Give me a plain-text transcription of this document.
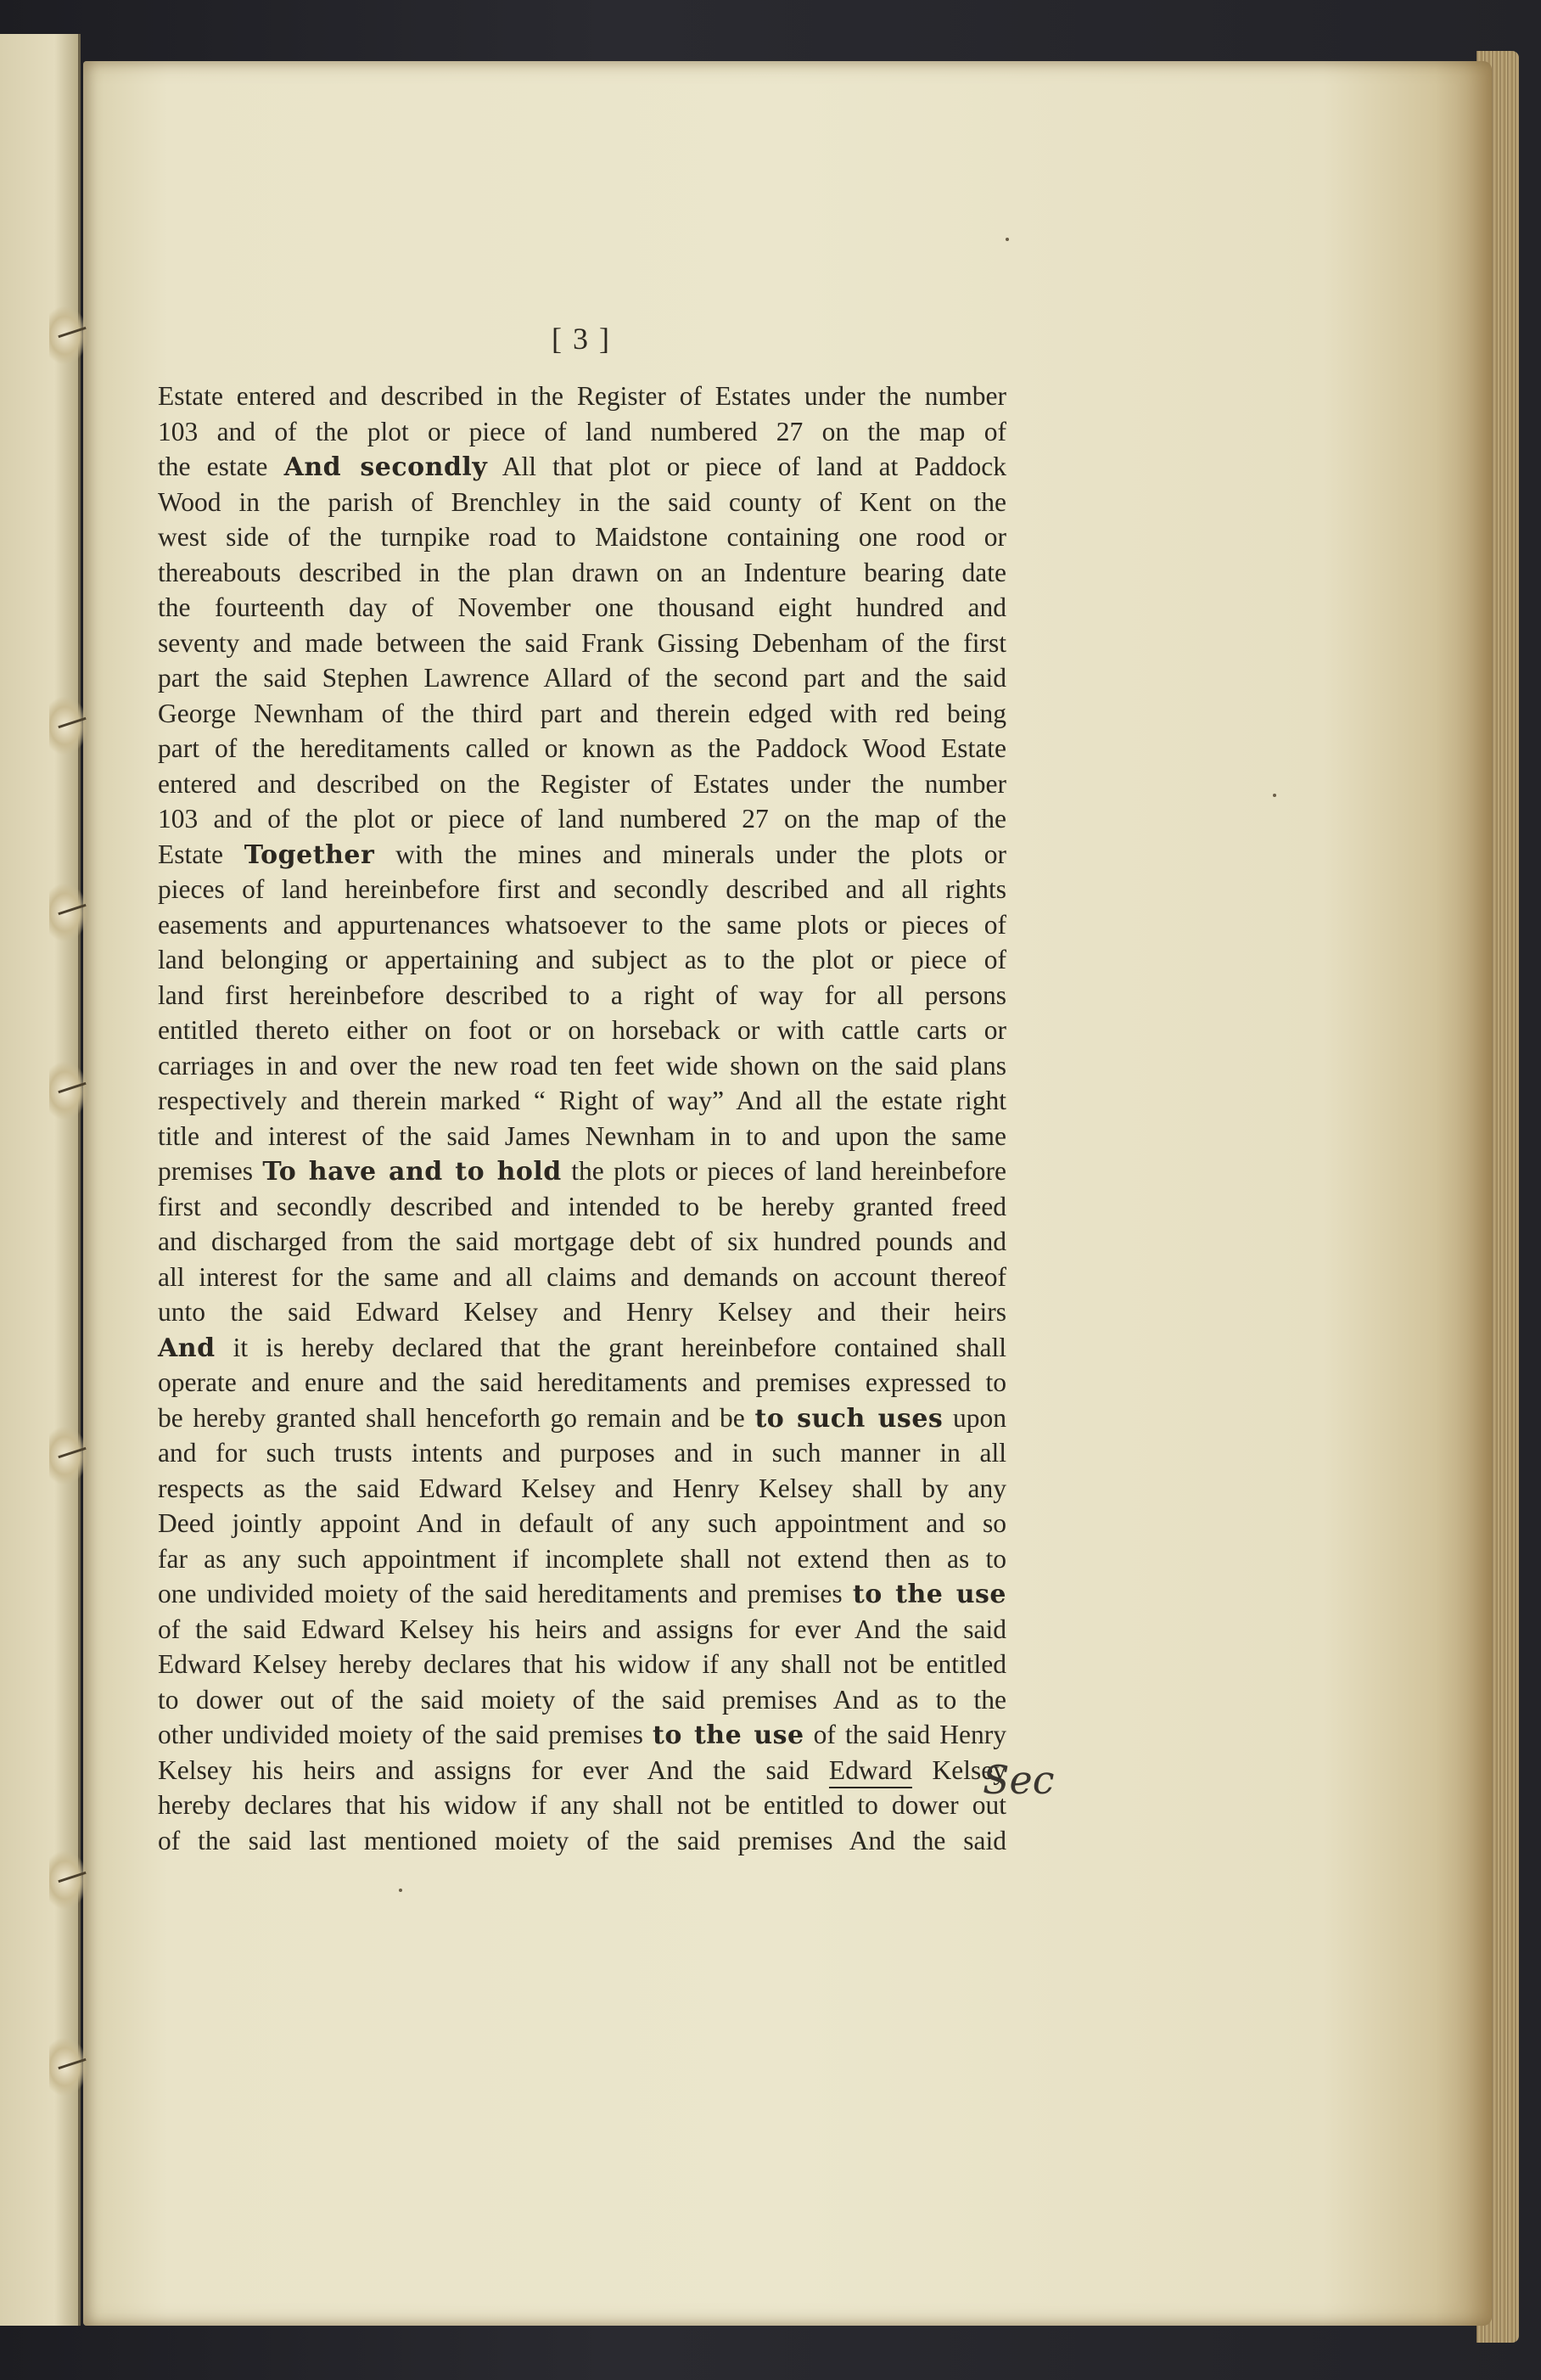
[ 3 ]
Estate entered and described in the Register of Estates under the number
103 and of the plot or piece of land numbered 27 on the map of
the estate And secondly All that plot or piece of land at Paddock
Wood in the parish of Brenchley in the said county of Kent on the
west side of the turnpike road to Maidstone containing one rood or
thereabouts described in the plan drawn on an Indenture bearing date
the fourteenth day of November one thousand eight hundred and
seventy and made between the said Frank Gissing Debenham of the first
part the said Stephen Lawrence Allard of the second part and the said
George Newnham of the third part and therein edged with red being
part of the hereditaments called or known as the Paddock Wood Estate
entered and described on the Register of Estates under the number
103 and of the plot or piece of land numbered 27 on the map of the
Estate Together with the mines and minerals under the plots or
pieces of land hereinbefore first and secondly described and all rights
easements and appurtenances whatsoever to the same plots or pieces of
land belonging or appertaining and subject as to the plot or piece of
land first hereinbefore described to a right of way for all persons
entitled thereto either on foot or on horseback or with cattle carts or
carriages in and over the new road ten feet wide shown on the said plans
respectively and therein marked “ Right of way” And all the estate right
title and interest of the said James Newnham in to and upon the same
premises To have and to hold the plots or pieces of land hereinbefore
first and secondly described and intended to be hereby granted freed
and discharged from the said mortgage debt of six hundred pounds and
all interest for the same and all claims and demands on account thereof
unto the said Edward Kelsey and Henry Kelsey and their heirs
And it is hereby declared that the grant hereinbefore contained shall
operate and enure and the said hereditaments and premises expressed to
be hereby granted shall henceforth go remain and be to such uses upon
and for such trusts intents and purposes and in such manner in all
respects as the said Edward Kelsey and Henry Kelsey shall by any
Deed jointly appoint And in default of any such appointment and so
far as any such appointment if incomplete shall not extend then as to
one undivided moiety of the said hereditaments and premises to the use
of the said Edward Kelsey his heirs and assigns for ever And the said
Edward Kelsey hereby declares that his widow if any shall not be entitled
to dower out of the said moiety of the said premises And as to the
other undivided moiety of the said premises to the use of the said Henry
Kelsey his heirs and assigns for ever And the said Edward Kelsey
hereby declares that his widow if any shall not be entitled to dower out
of the said last mentioned moiety of the said premises And the said
Sec
